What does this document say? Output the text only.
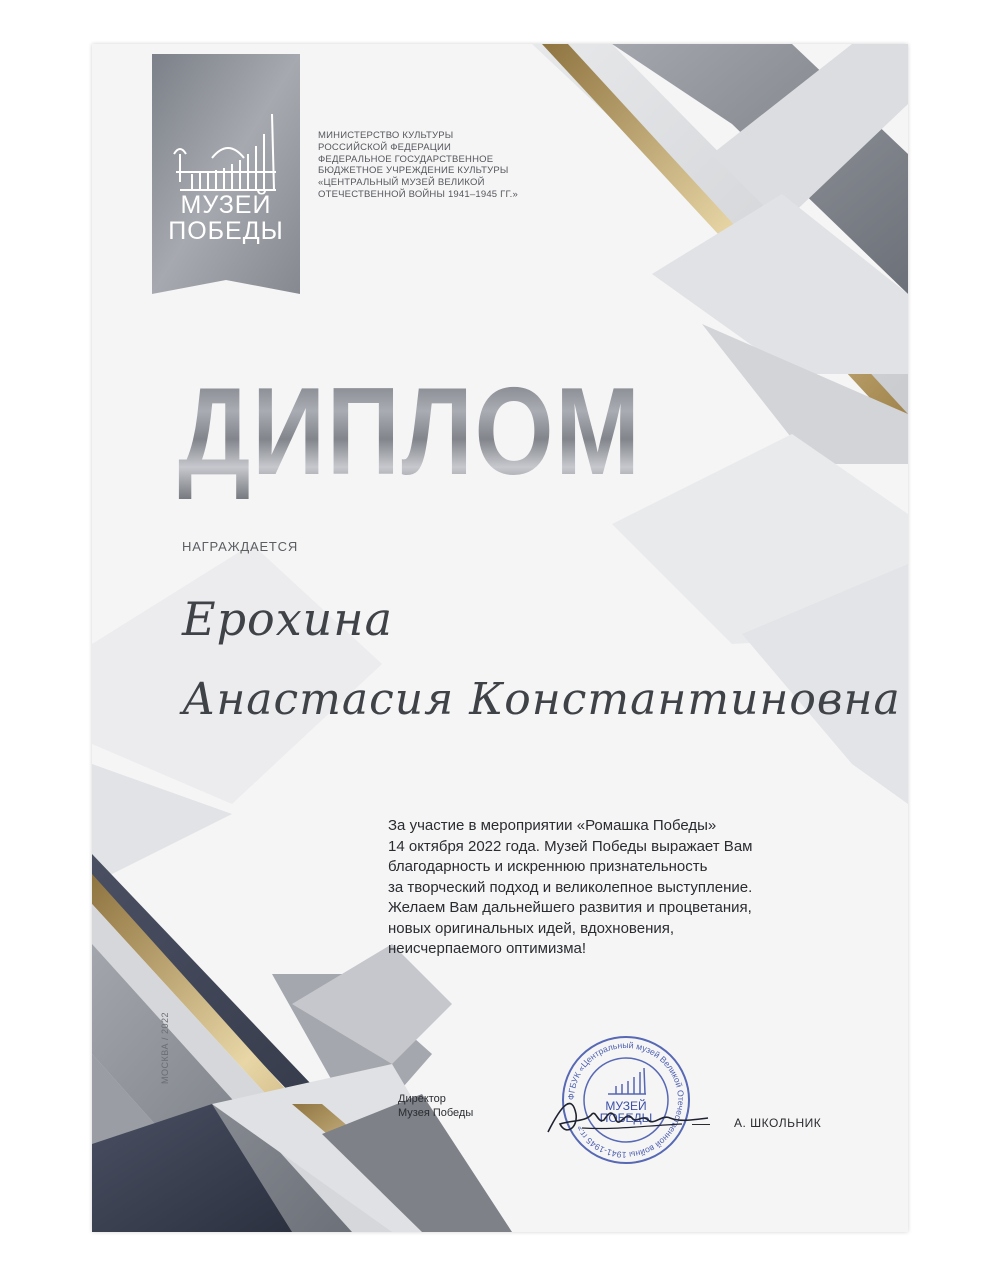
МУЗЕЙ
ПОБЕДЫ
МИНИСТЕРСТВО КУЛЬТУРЫ
РОССИЙСКОЙ ФЕДЕРАЦИИ
ФЕДЕРАЛЬНОЕ ГОСУДАРСТВЕННОЕ
БЮДЖЕТНОЕ УЧРЕЖДЕНИЕ КУЛЬТУРЫ
«ЦЕНТРАЛЬНЫЙ МУЗЕЙ ВЕЛИКОЙ
ОТЕЧЕСТВЕННОЙ ВОЙНЫ 1941–1945 ГГ.»
ДИПЛОМ
НАГРАЖДАЕТСЯ
Ерохина
Анастасия Константиновна
За участие в мероприятии «Ромашка Победы»
14 октября 2022 года. Музей Победы выражает Вам
благодарность и искреннюю признательность
за творческий подход и великолепное выступление.
Желаем Вам дальнейшего развития и процветания,
новых оригинальных идей, вдохновения,
неисчерпаемого оптимизма!
МОСКВА / 2022
Директор
Музея Победы
ФГБУК «Центральный музей Великой Отечественной войны 1941-1945 гг.»
МУЗЕЙ
ПОБЕДЫ	А. ШКОЛЬНИК
